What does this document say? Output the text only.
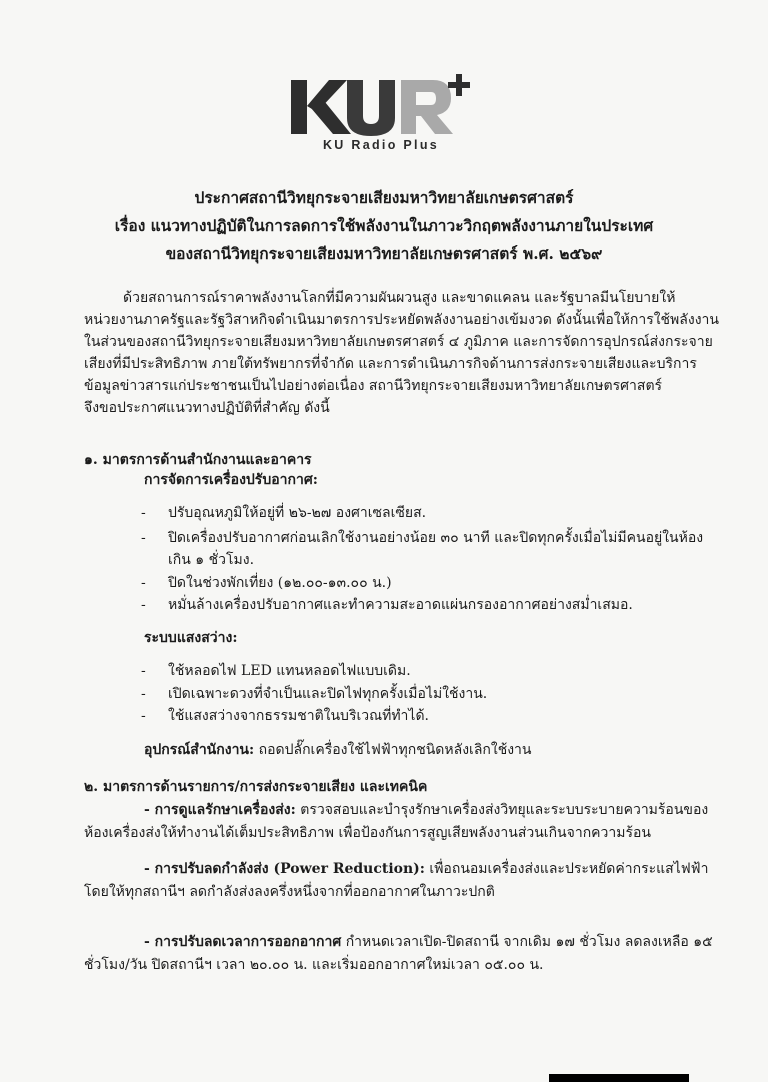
KU Radio Plus
ประกาศสถานีวิทยุกระจายเสียงมหาวิทยาลัยเกษตรศาสตร์
เรื่อง แนวทางปฏิบัติในการลดการใช้พลังงานในภาวะวิกฤตพลังงานภายในประเทศ
ของสถานีวิทยุกระจายเสียงมหาวิทยาลัยเกษตรศาสตร์ พ.ศ. ๒๕๖๙
ด้วยสถานการณ์ราคาพลังงานโลกที่มีความผันผวนสูง และขาดแคลน และรัฐบาลมีนโยบายให้
หน่วยงานภาครัฐและรัฐวิสาหกิจดำเนินมาตรการประหยัดพลังงานอย่างเข้มงวด ดังนั้นเพื่อให้การใช้พลังงาน
ในส่วนของสถานีวิทยุกระจายเสียงมหาวิทยาลัยเกษตรศาสตร์ ๔ ภูมิภาค และการจัดการอุปกรณ์ส่งกระจาย
เสียงที่มีประสิทธิภาพ ภายใต้ทรัพยากรที่จำกัด และการดำเนินภารกิจด้านการส่งกระจายเสียงและบริการ
ข้อมูลข่าวสารแก่ประชาชนเป็นไปอย่างต่อเนื่อง สถานีวิทยุกระจายเสียงมหาวิทยาลัยเกษตรศาสตร์
จึงขอประกาศแนวทางปฏิบัติที่สำคัญ ดังนี้
๑. มาตรการด้านสำนักงานและอาคาร
การจัดการเครื่องปรับอากาศ:
- ปรับอุณหภูมิให้อยู่ที่ ๒๖-๒๗ องศาเซลเซียส.
- ปิดเครื่องปรับอากาศก่อนเลิกใช้งานอย่างน้อย ๓๐ นาที และปิดทุกครั้งเมื่อไม่มีคนอยู่ในห้อง
เกิน ๑ ชั่วโมง.
- ปิดในช่วงพักเที่ยง (๑๒.๐๐-๑๓.๐๐ น.)
- หมั่นล้างเครื่องปรับอากาศและทำความสะอาดแผ่นกรองอากาศอย่างสม่ำเสมอ.
ระบบแสงสว่าง:
- ใช้หลอดไฟ LED แทนหลอดไฟแบบเดิม.
- เปิดเฉพาะดวงที่จำเป็นและปิดไฟทุกครั้งเมื่อไม่ใช้งาน.
- ใช้แสงสว่างจากธรรมชาติในบริเวณที่ทำได้.
อุปกรณ์สำนักงาน: ถอดปลั๊กเครื่องใช้ไฟฟ้าทุกชนิดหลังเลิกใช้งาน
๒. มาตรการด้านรายการ/การส่งกระจายเสียง และเทคนิค
- การดูแลรักษาเครื่องส่ง: ตรวจสอบและบำรุงรักษาเครื่องส่งวิทยุและระบบระบายความร้อนของ
ห้องเครื่องส่งให้ทำงานได้เต็มประสิทธิภาพ เพื่อป้องกันการสูญเสียพลังงานส่วนเกินจากความร้อน
- การปรับลดกำลังส่ง (Power Reduction): เพื่อถนอมเครื่องส่งและประหยัดค่ากระแสไฟฟ้า
โดยให้ทุกสถานีฯ ลดกำลังส่งลงครึ่งหนึ่งจากที่ออกอากาศในภาวะปกติ
- การปรับลดเวลาการออกอากาศ กำหนดเวลาเปิด-ปิดสถานี จากเดิม ๑๗ ชั่วโมง ลดลงเหลือ ๑๕
ชั่วโมง/วัน ปิดสถานีฯ เวลา ๒๐.๐๐ น. และเริ่มออกอากาศใหม่เวลา ๐๕.๐๐ น.
